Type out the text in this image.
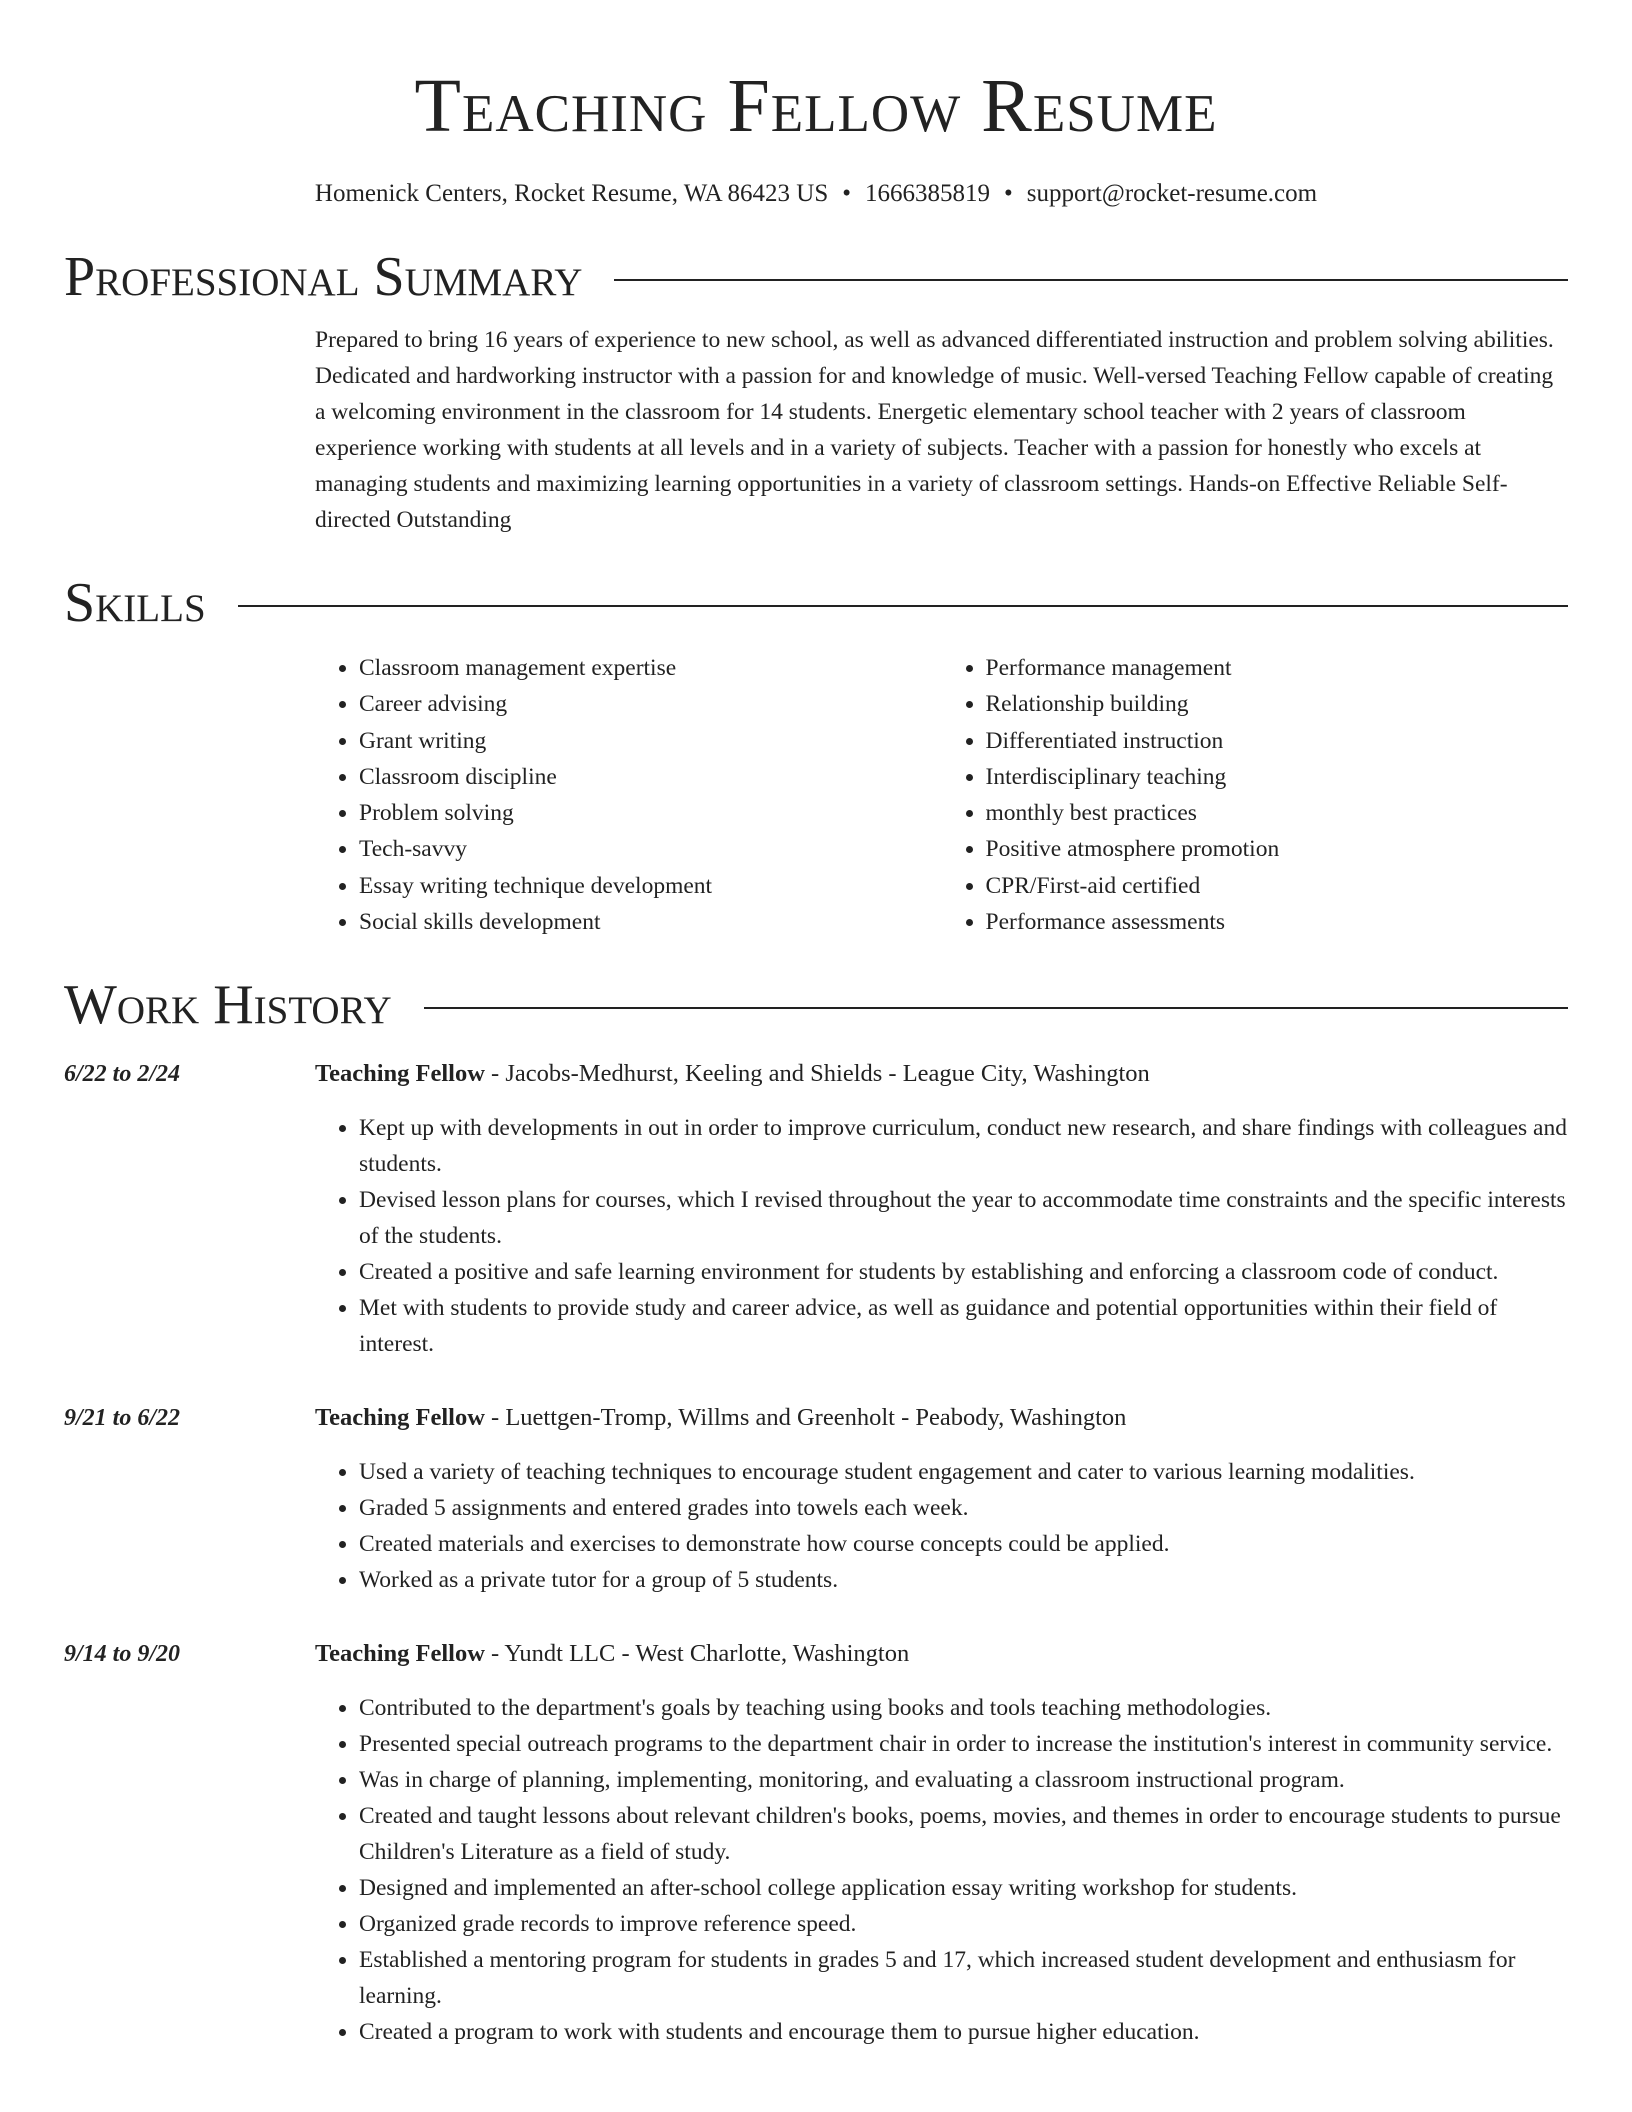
Teaching Fellow Resume
Homenick Centers, Rocket Resume, WA 86423 US • 1666385819 • support@rocket-resume.com
Professional Summary

Prepared to bring 16 years of experience to new school, as well as advanced differentiated instruction and problem solving abilities. Dedicated and hardworking instructor with a passion for and knowledge of music. Well-versed Teaching Fellow capable of creating a welcoming environment in the classroom for 14 students. Energetic elementary school teacher with 2 years of classroom experience working with students at all levels and in a variety of subjects. Teacher with a passion for honestly who excels at managing students and maximizing learning opportunities in a variety of classroom settings. Hands-on Effective Reliable Self-directed Outstanding

Skills
• Classroom management expertise
• Career advising
• Grant writing
• Classroom discipline
• Problem solving
• Tech-savvy
• Essay writing technique development
• Social skills development
• Performance management
• Relationship building
• Differentiated instruction
• Interdisciplinary teaching
• monthly best practices
• Positive atmosphere promotion
• CPR/First-aid certified
• Performance assessments
Work History
6/22 to 2/24	Teaching Fellow - Jacobs-Medhurst, Keeling and Shields - League City, Washington
• Kept up with developments in out in order to improve curriculum, conduct new research, and share findings with colleagues and students.
• Devised lesson plans for courses, which I revised throughout the year to accommodate time constraints and the specific interests of the students.
• Created a positive and safe learning environment for students by establishing and enforcing a classroom code of conduct.
• Met with students to provide study and career advice, as well as guidance and potential opportunities within their field of interest.
9/21 to 6/22	Teaching Fellow - Luettgen-Tromp, Willms and Greenholt - Peabody, Washington
• Used a variety of teaching techniques to encourage student engagement and cater to various learning modalities.
• Graded 5 assignments and entered grades into towels each week.
• Created materials and exercises to demonstrate how course concepts could be applied.
• Worked as a private tutor for a group of 5 students.
9/14 to 9/20	Teaching Fellow - Yundt LLC - West Charlotte, Washington
• Contributed to the department's goals by teaching using books and tools teaching methodologies.
• Presented special outreach programs to the department chair in order to increase the institution's interest in community service.
• Was in charge of planning, implementing, monitoring, and evaluating a classroom instructional program.
• Created and taught lessons about relevant children's books, poems, movies, and themes in order to encourage students to pursue Children's Literature as a field of study.
• Designed and implemented an after-school college application essay writing workshop for students.
• Organized grade records to improve reference speed.
• Established a mentoring program for students in grades 5 and 17, which increased student development and enthusiasm for learning.
• Created a program to work with students and encourage them to pursue higher education.
